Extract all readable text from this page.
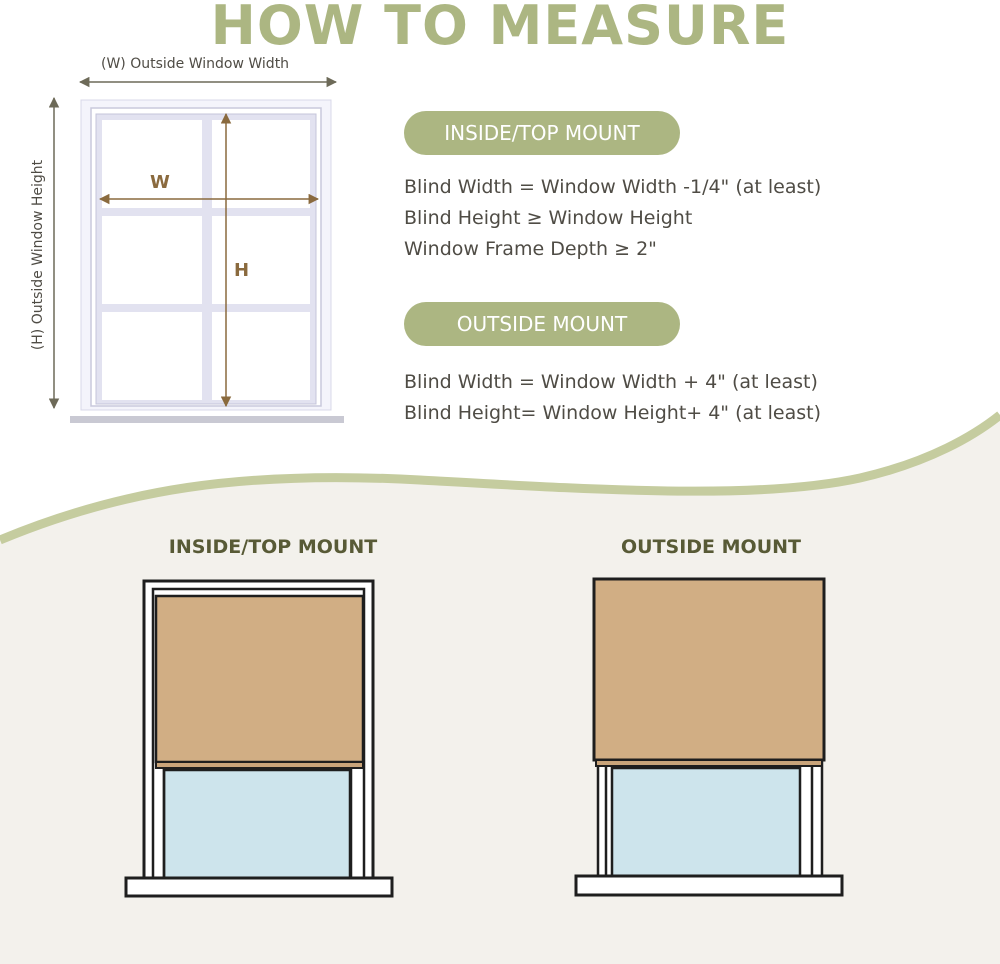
HOW TO MEASURE
(W) Outside Window Width
(H) Outside Window Height	W
H
INSIDE/TOP MOUNT
Blind Width = Window Width -1/4" (at least)
Blind Height ≥ Window Height
Window Frame Depth ≥ 2"
OUTSIDE MOUNT
Blind Width = Window Width + 4" (at least)
Blind Height= Window Height+ 4" (at least)
INSIDE/TOP MOUNT	OUTSIDE MOUNT
